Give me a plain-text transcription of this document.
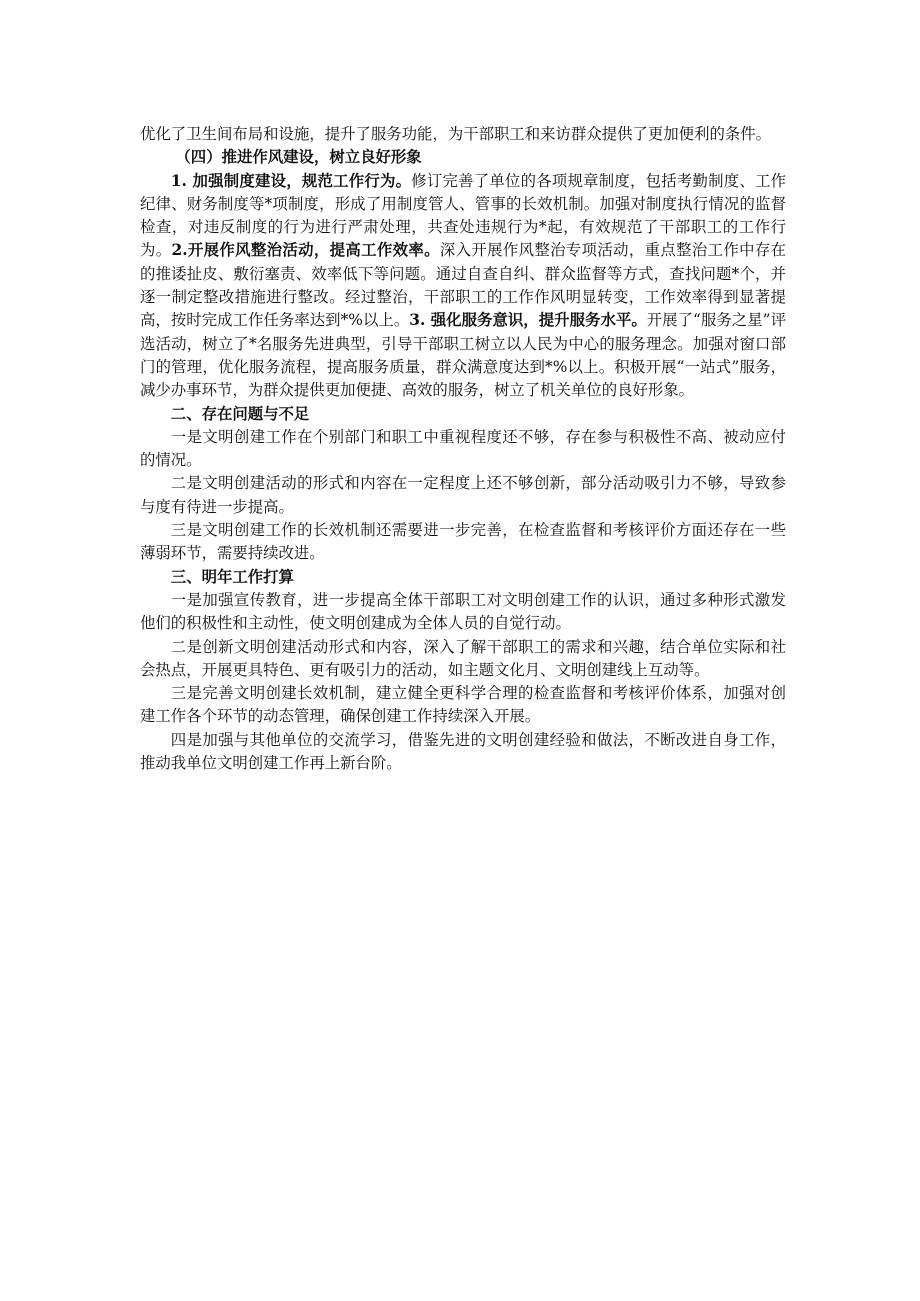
优化了卫生间布局和设施，提升了服务功能，为干部职工和来访群众提供了更加便利的条件。

（四）推进作风建设，树立良好形象

1. 加强制度建设，规范工作行为。修订完善了单位的各项规章制度，包括考勤制度、工作纪律、财务制度等*项制度，形成了用制度管人、管事的长效机制。加强对制度执行情况的监督检查，对违反制度的行为进行严肃处理，共查处违规行为*起，有效规范了干部职工的工作行为。2.开展作风整治活动，提高工作效率。深入开展作风整治专项活动，重点整治工作中存在的推诿扯皮、敷衍塞责、效率低下等问题。通过自查自纠、群众监督等方式，查找问题*个，并逐一制定整改措施进行整改。经过整治，干部职工的工作作风明显转变，工作效率得到显著提高，按时完成工作任务率达到*%以上。3. 强化服务意识，提升服务水平。开展了“服务之星”评选活动，树立了*名服务先进典型，引导干部职工树立以人民为中心的服务理念。加强对窗口部门的管理，优化服务流程，提高服务质量，群众满意度达到*%以上。积极开展“一站式”服务，减少办事环节，为群众提供更加便捷、高效的服务，树立了机关单位的良好形象。

二、存在问题与不足

一是文明创建工作在个别部门和职工中重视程度还不够，存在参与积极性不高、被动应付的情况。

二是文明创建活动的形式和内容在一定程度上还不够创新，部分活动吸引力不够，导致参与度有待进一步提高。

三是文明创建工作的长效机制还需要进一步完善，在检查监督和考核评价方面还存在一些薄弱环节，需要持续改进。

三、明年工作打算

一是加强宣传教育，进一步提高全体干部职工对文明创建工作的认识，通过多种形式激发他们的积极性和主动性，使文明创建成为全体人员的自觉行动。

二是创新文明创建活动形式和内容，深入了解干部职工的需求和兴趣，结合单位实际和社会热点，开展更具特色、更有吸引力的活动，如主题文化月、文明创建线上互动等。

三是完善文明创建长效机制，建立健全更科学合理的检查监督和考核评价体系，加强对创建工作各个环节的动态管理，确保创建工作持续深入开展。

四是加强与其他单位的交流学习，借鉴先进的文明创建经验和做法，不断改进自身工作，推动我单位文明创建工作再上新台阶。
